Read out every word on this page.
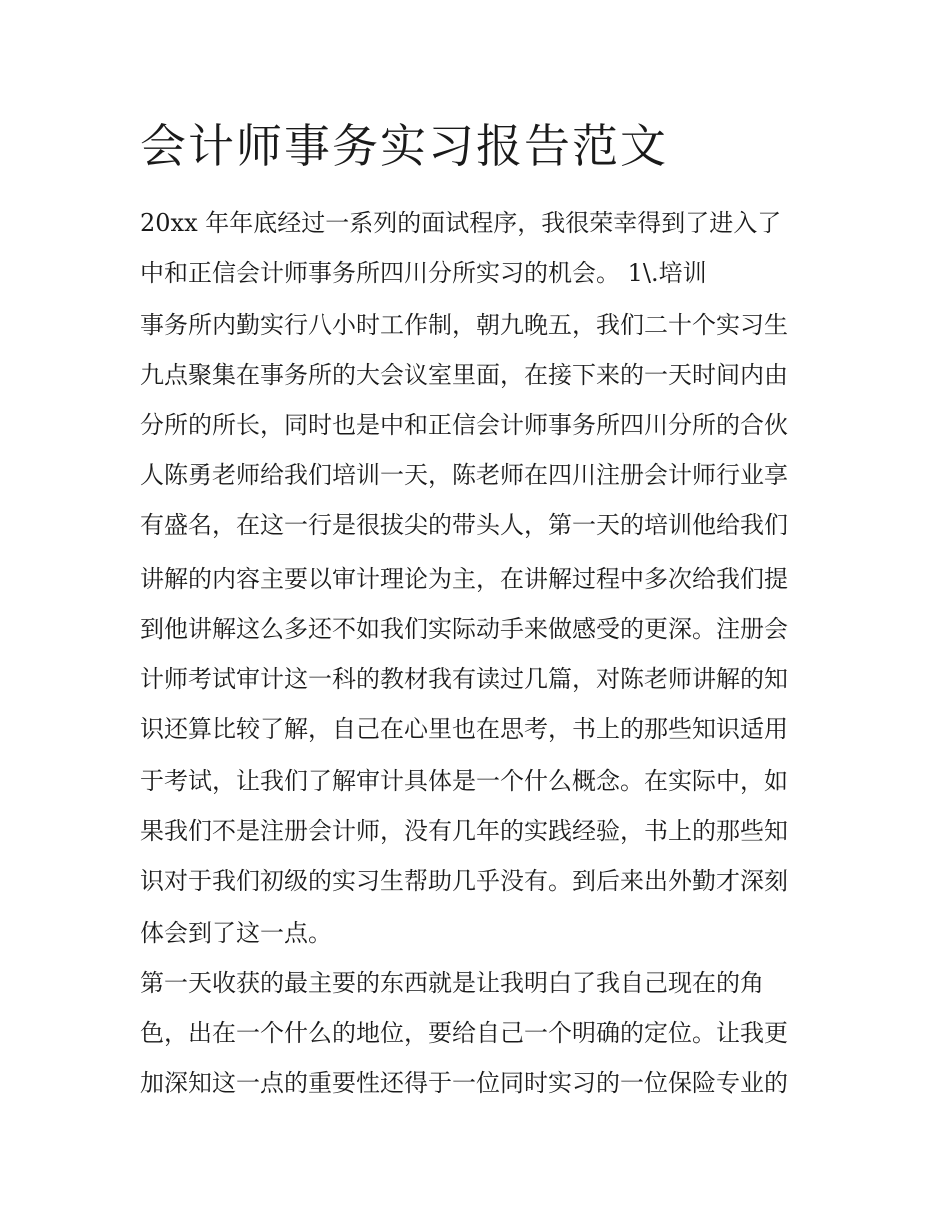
会计师事务实习报告范文
20xx 年年底经过一系列的面试程序，我很荣幸得到了进入了
中和正信会计师事务所四川分所实习的机会。 1\.培训
事务所内勤实行八小时工作制，朝九晚五，我们二十个实习生
九点聚集在事务所的大会议室里面，在接下来的一天时间内由
分所的所长，同时也是中和正信会计师事务所四川分所的合伙
人陈勇老师给我们培训一天，陈老师在四川注册会计师行业享
有盛名，在这一行是很拔尖的带头人，第一天的培训他给我们
讲解的内容主要以审计理论为主，在讲解过程中多次给我们提
到他讲解这么多还不如我们实际动手来做感受的更深。注册会
计师考试审计这一科的教材我有读过几篇，对陈老师讲解的知
识还算比较了解，自己在心里也在思考，书上的那些知识适用
于考试，让我们了解审计具体是一个什么概念。在实际中，如
果我们不是注册会计师，没有几年的实践经验，书上的那些知
识对于我们初级的实习生帮助几乎没有。到后来出外勤才深刻
体会到了这一点。
第一天收获的最主要的东西就是让我明白了我自己现在的角
色，出在一个什么的地位，要给自己一个明确的定位。让我更
加深知这一点的重要性还得于一位同时实习的一位保险专业的
